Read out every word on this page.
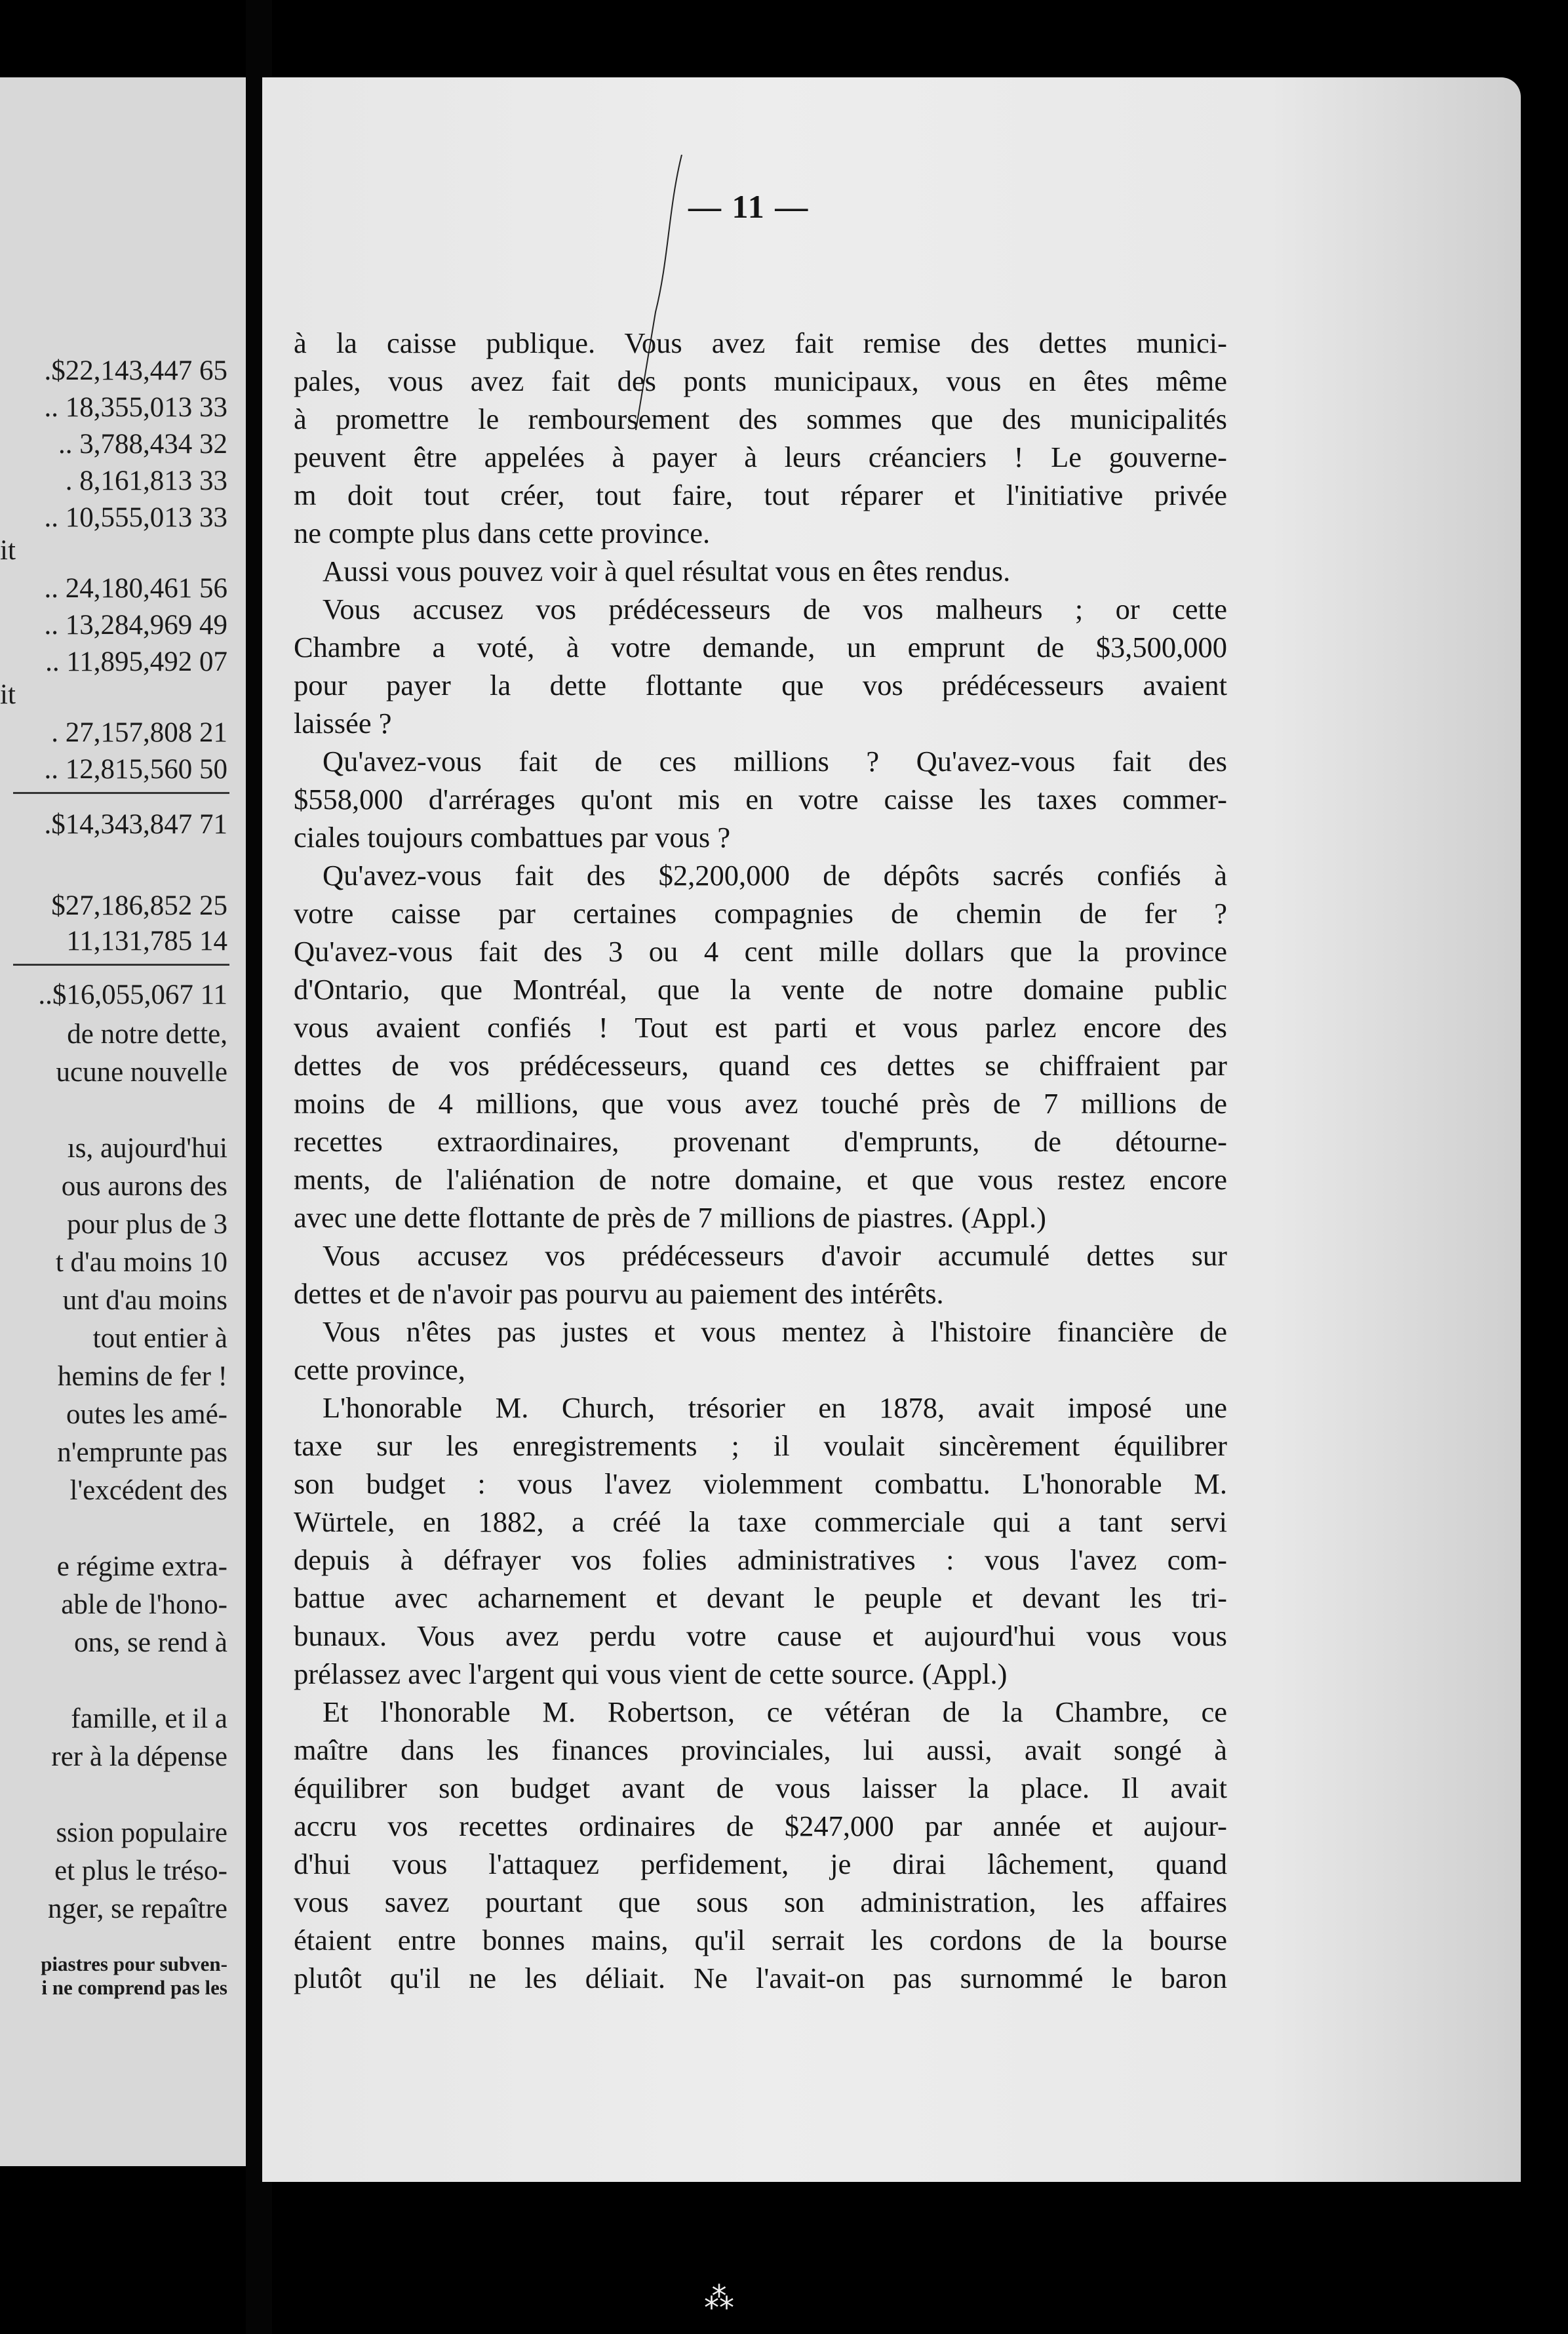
.$22,143,447 65
.. 18,355,013 33
.. 3,788,434 32
. 8,161,813 33
.. 10,555,013 33
it
.. 24,180,461 56
.. 13,284,969 49
.. 11,895,492 07
it
. 27,157,808 21
.. 12,815,560 50
.$14,343,847 71
$27,186,852 25
11,131,785 14
..$16,055,067 11
de notre dette,
ucune nouvelle
ıs, aujourd'hui
ous aurons des
pour plus de 3
t d'au moins 10
unt d'au moins
tout entier à
hemins de fer !
outes les amé-
n'emprunte pas
l'excédent des
e régime extra-
able de l'hono-
ons, se rend à
famille, et il a
rer à la dépense
ssion populaire
et plus le tréso-
nger, se repaître
piastres pour subven-
i ne comprend pas les
— 11 —
à la caisse publique. Vous avez fait remise des dettes munici-
pales, vous avez fait des ponts municipaux, vous en êtes même
à promettre le remboursement des sommes que des municipalités
peuvent être appelées à payer à leurs créanciers ! Le gouverne-
m doit tout créer, tout faire, tout réparer et l'initiative privée
ne compte plus dans cette province.
Aussi vous pouvez voir à quel résultat vous en êtes rendus.
Vous accusez vos prédécesseurs de vos malheurs ; or cette
Chambre a voté, à votre demande, un emprunt de $3,500,000
pour payer la dette flottante que vos prédécesseurs avaient
laissée ?
Qu'avez-vous fait de ces millions ? Qu'avez-vous fait des
$558,000 d'arrérages qu'ont mis en votre caisse les taxes commer-
ciales toujours combattues par vous ?
Qu'avez-vous fait des $2,200,000 de dépôts sacrés confiés à
votre caisse par certaines compagnies de chemin de fer ?
Qu'avez-vous fait des 3 ou 4 cent mille dollars que la province
d'Ontario, que Montréal, que la vente de notre domaine public
vous avaient confiés ! Tout est parti et vous parlez encore des
dettes de vos prédécesseurs, quand ces dettes se chiffraient par
moins de 4 millions, que vous avez touché près de 7 millions de
recettes extraordinaires, provenant d'emprunts, de détourne-
ments, de l'aliénation de notre domaine, et que vous restez encore
avec une dette flottante de près de 7 millions de piastres. (Appl.)
Vous accusez vos prédécesseurs d'avoir accumulé dettes sur
dettes et de n'avoir pas pourvu au paiement des intérêts.
Vous n'êtes pas justes et vous mentez à l'histoire financière de
cette province,
L'honorable M. Church, trésorier en 1878, avait imposé une
taxe sur les enregistrements ; il voulait sincèrement équilibrer
son budget : vous l'avez violemment combattu. L'honorable M.
Würtele, en 1882, a créé la taxe commerciale qui a tant servi
depuis à défrayer vos folies administratives : vous l'avez com-
battue avec acharnement et devant le peuple et devant les tri-
bunaux. Vous avez perdu votre cause et aujourd'hui vous vous
prélassez avec l'argent qui vous vient de cette source. (Appl.)
Et l'honorable M. Robertson, ce vétéran de la Chambre, ce
maître dans les finances provinciales, lui aussi, avait songé à
équilibrer son budget avant de vous laisser la place. Il avait
accru vos recettes ordinaires de $247,000 par année et aujour-
d'hui vous l'attaquez perfidement, je dirai lâchement, quand
vous savez pourtant que sous son administration, les affaires
étaient entre bonnes mains, qu'il serrait les cordons de la bourse
plutôt qu'il ne les déliait. Ne l'avait-on pas surnommé le baron
⁂
